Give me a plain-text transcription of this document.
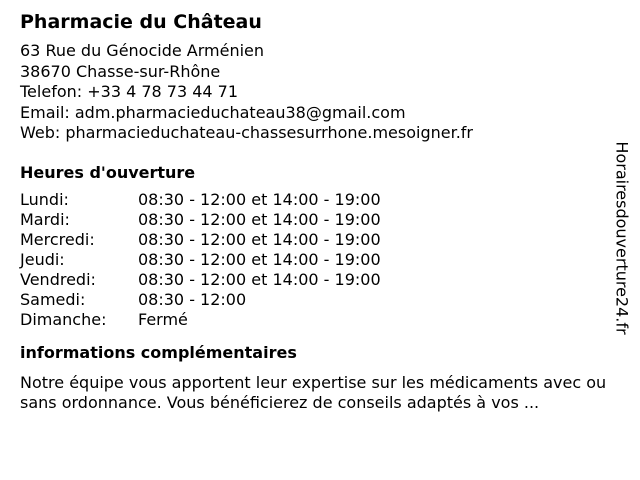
Pharmacie du Château
63 Rue du Génocide Arménien
38670 Chasse-sur-Rhône
Telefon: +33 4 78 73 44 71
Email: adm.pharmacieduchateau38@gmail.com
Web: pharmacieduchateau-chassesurrhone.mesoigner.fr
Heures d'ouverture
Lundi:	08:30 - 12:00 et 14:00 - 19:00
Mardi:	08:30 - 12:00 et 14:00 - 19:00
Mercredi:	08:30 - 12:00 et 14:00 - 19:00
Jeudi:	08:30 - 12:00 et 14:00 - 19:00
Vendredi:	08:30 - 12:00 et 14:00 - 19:00
Samedi:	08:30 - 12:00
Dimanche:	Fermé
informations complémentaires
Notre équipe vous apportent leur expertise sur les médicaments avec ou sans ordonnance. Vous bénéficierez de conseils adaptés à vos ...
Horairesdouverture24.fr
